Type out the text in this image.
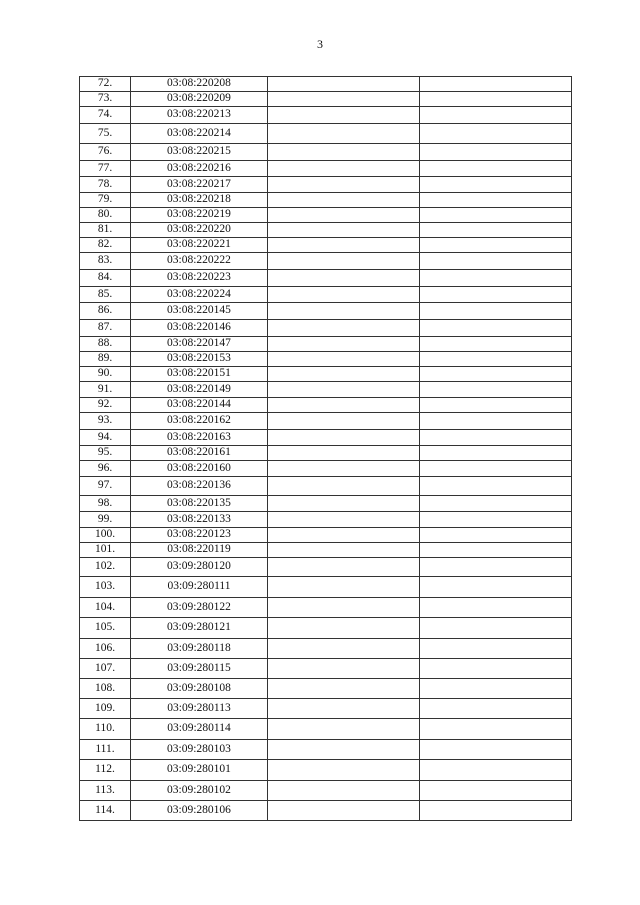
3
72.	03:08:220208		
73.	03:08:220209		
74.	03:08:220213		
75.	03:08:220214		
76.	03:08:220215		
77.	03:08:220216		
78.	03:08:220217		
79.	03:08:220218		
80.	03:08:220219		
81.	03:08:220220		
82.	03:08:220221		
83.	03:08:220222		
84.	03:08:220223		
85.	03:08:220224		
86.	03:08:220145		
87.	03:08:220146		
88.	03:08:220147		
89.	03:08:220153		
90.	03:08:220151		
91.	03:08:220149		
92.	03:08:220144		
93.	03:08:220162		
94.	03:08:220163		
95.	03:08:220161		
96.	03:08:220160		
97.	03:08:220136		
98.	03:08:220135		
99.	03:08:220133		
100.	03:08:220123		
101.	03:08:220119		
102.	03:09:280120		
103.	03:09:280111		
104.	03:09:280122		
105.	03:09:280121		
106.	03:09:280118		
107.	03:09:280115		
108.	03:09:280108		
109.	03:09:280113		
110.	03:09:280114		
111.	03:09:280103		
112.	03:09:280101		
113.	03:09:280102		
114.	03:09:280106		
